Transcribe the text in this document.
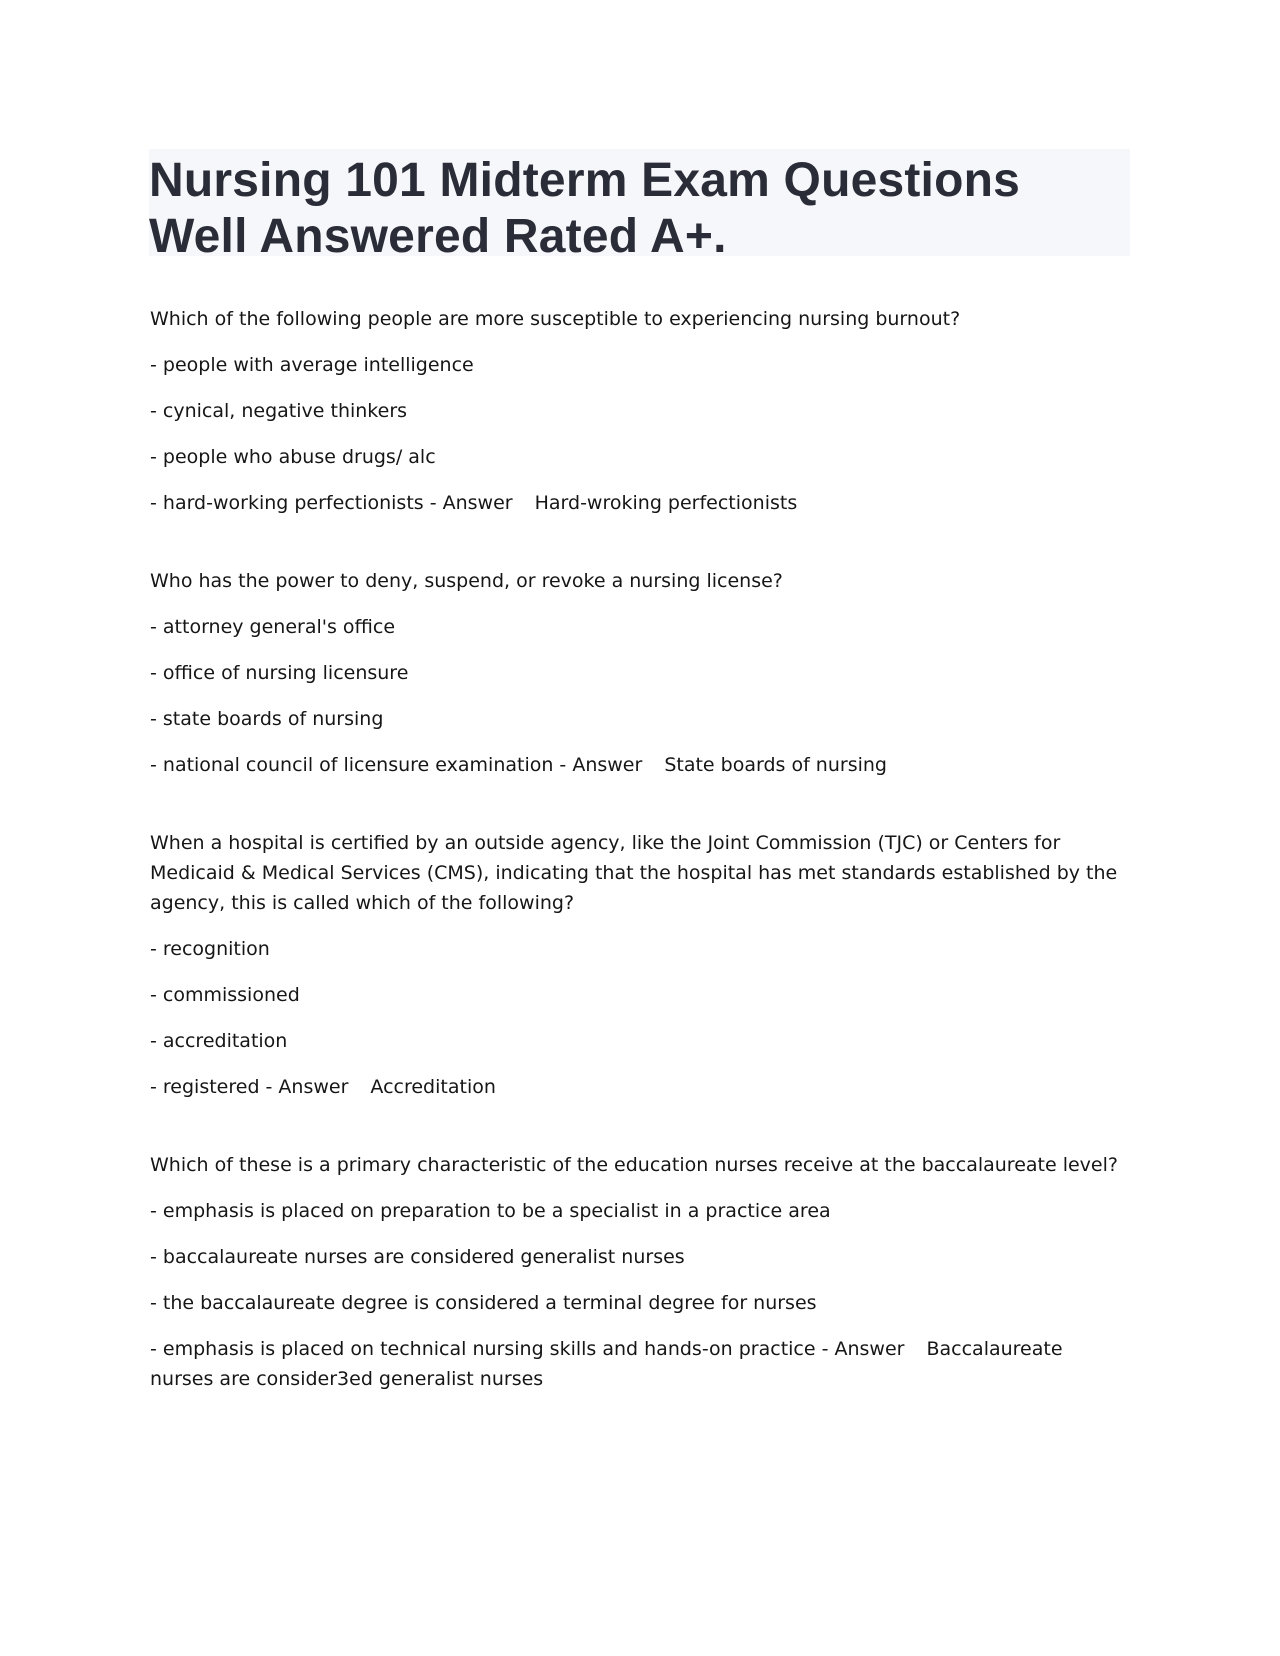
Nursing 101 Midterm Exam Questions Well Answered Rated A+.

Which of the following people are more susceptible to experiencing nursing burnout?

- people with average intelligence

- cynical, negative thinkers

- people who abuse drugs/ alc

- hard-working perfectionists - Answer Hard-wroking perfectionists

Who has the power to deny, suspend, or revoke a nursing license?

- attorney general's office

- office of nursing licensure

- state boards of nursing

- national council of licensure examination - Answer State boards of nursing

When a hospital is certified by an outside agency, like the Joint Commission (TJC) or Centers for Medicaid & Medical Services (CMS), indicating that the hospital has met standards established by the agency, this is called which of the following?

- recognition

- commissioned

- accreditation

- registered - Answer Accreditation

Which of these is a primary characteristic of the education nurses receive at the baccalaureate level?

- emphasis is placed on preparation to be a specialist in a practice area

- baccalaureate nurses are considered generalist nurses

- the baccalaureate degree is considered a terminal degree for nurses

- emphasis is placed on technical nursing skills and hands-on practice - Answer Baccalaureate nurses are consider3ed generalist nurses
